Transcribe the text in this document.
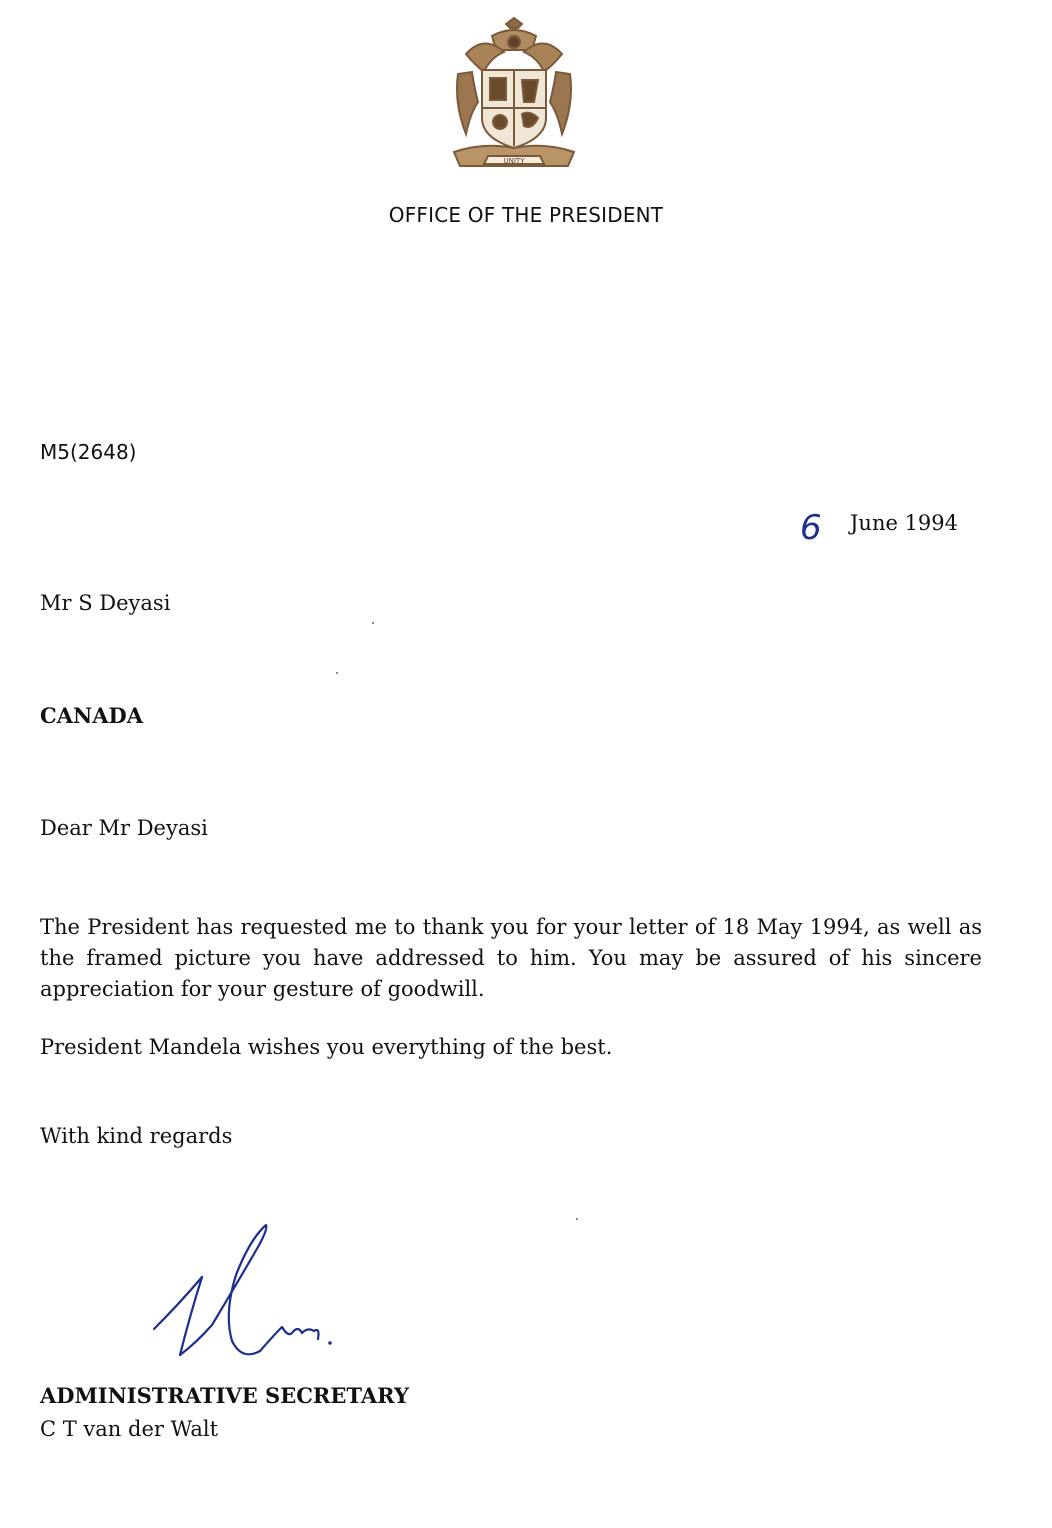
UNITY
OFFICE OF THE PRESIDENT
M5(2648)
6 June 1994
Mr S Deyasi
CANADA
Dear Mr Deyasi
The President has requested me to thank you for your letter of 18 May 1994, as well as the framed picture you have addressed to him. You may be assured of his sincere appreciation for your gesture of goodwill.
President Mandela wishes you everything of the best.
With kind regards
ADMINISTRATIVE SECRETARY
C T van der Walt
